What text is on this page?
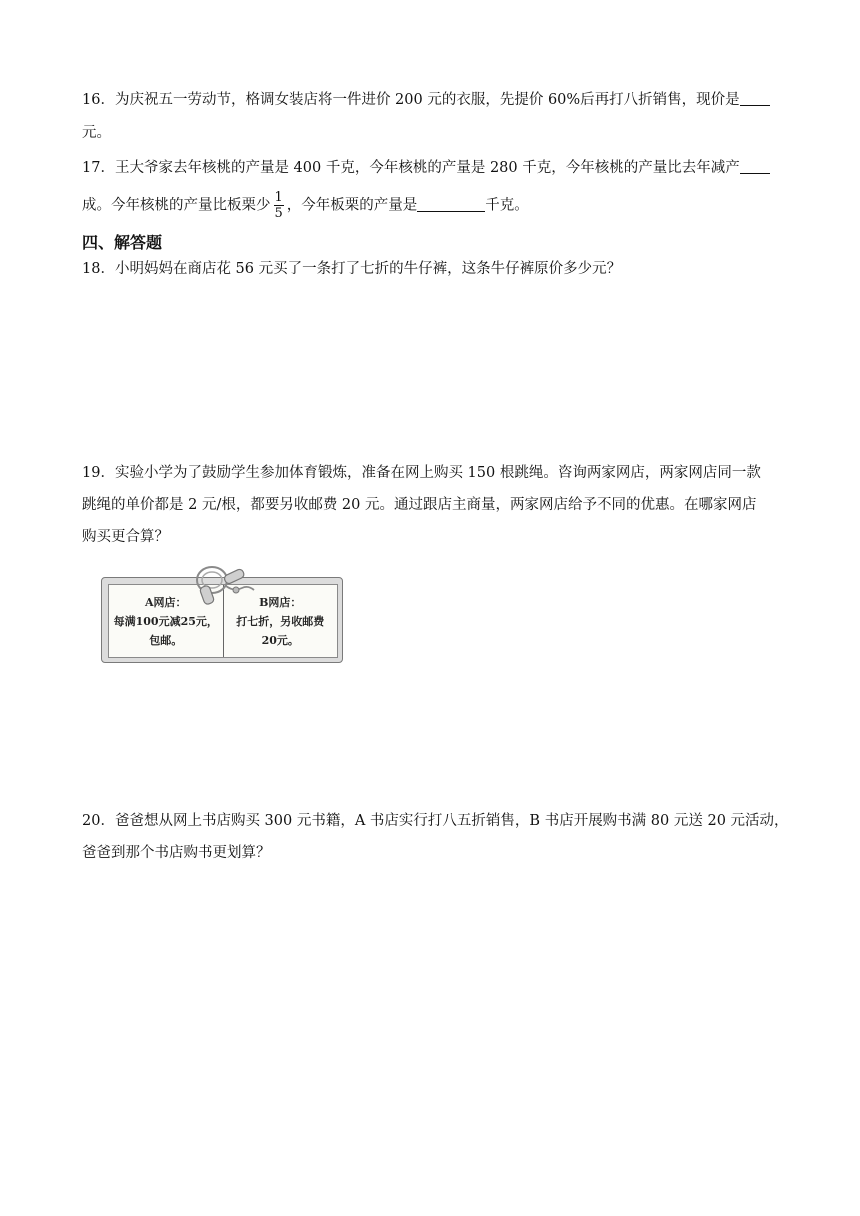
16．为庆祝五一劳动节，格调女装店将一件进价 200 元的衣服，先提价 60%后再打八折销售，现价是
元。
17．王大爷家去年核桃的产量是 400 千克，今年核桃的产量是 280 千克，今年核桃的产量比去年减产
成。今年核桃的产量比板栗少 $\frac{1}{5}$ ，今年板栗的产量是	千克。
四、解答题
18．小明妈妈在商店花 56 元买了一条打了七折的牛仔裤，这条牛仔裤原价多少元？
19．实验小学为了鼓励学生参加体育锻炼，准备在网上购买 150 根跳绳。咨询两家网店，两家网店同一款
跳绳的单价都是 2 元/根，都要另收邮费 20 元。通过跟店主商量，两家网店给予不同的优惠。在哪家网店
购买更合算？
A网店：
每满100元减25元，
包邮。
B网店：
打七折，另收邮费
20元。
20．爸爸想从网上书店购买 300 元书籍，A 书店实行打八五折销售，B 书店开展购书满 80 元送 20 元活动，
爸爸到那个书店购书更划算？
